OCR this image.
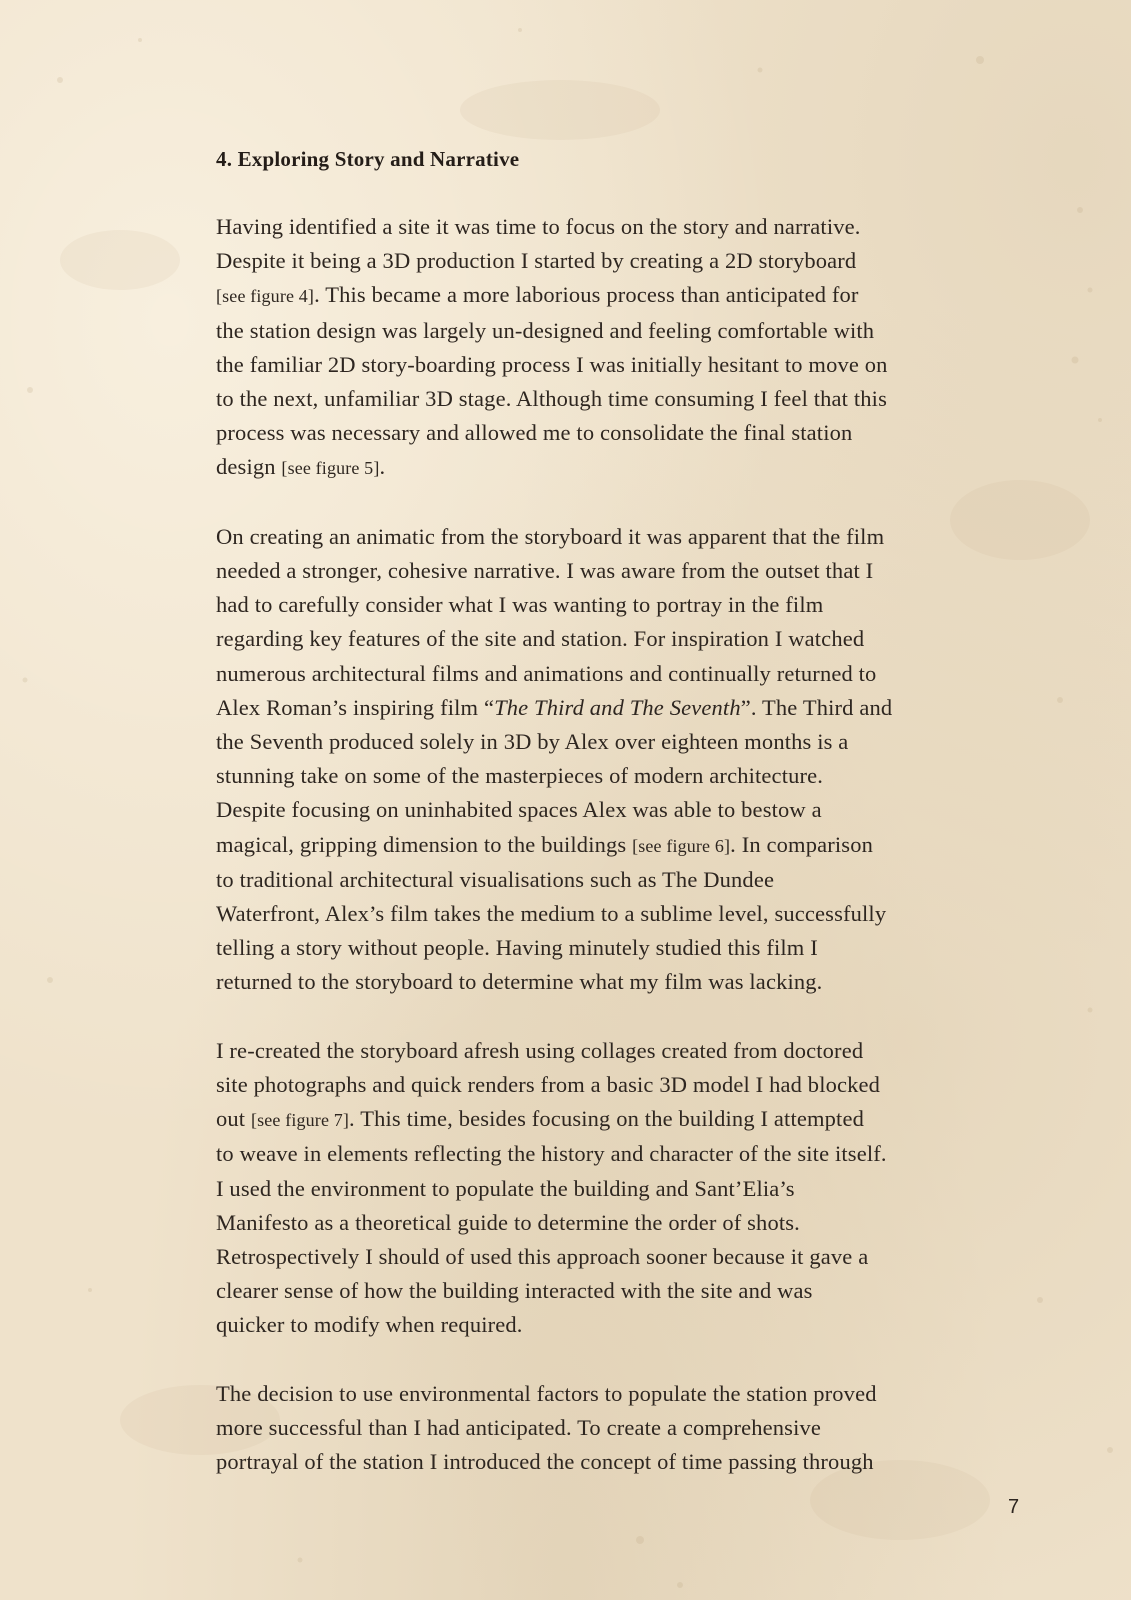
4. Exploring Story and Narrative

Having identified a site it was time to focus on the story and narrative.
Despite it being a 3D production I started by creating a 2D storyboard
[see figure 4]. This became a more laborious process than anticipated for
the station design was largely un-designed and feeling comfortable with
the familiar 2D story-boarding process I was initially hesitant to move on
to the next, unfamiliar 3D stage. Although time consuming I feel that this
process was necessary and allowed me to consolidate the final station
design [see figure 5].

On creating an animatic from the storyboard it was apparent that the film
needed a stronger, cohesive narrative. I was aware from the outset that I
had to carefully consider what I was wanting to portray in the film
regarding key features of the site and station. For inspiration I watched
numerous architectural films and animations and continually returned to
Alex Roman’s inspiring film “The Third and The Seventh”. The Third and
the Seventh produced solely in 3D by Alex over eighteen months is a
stunning take on some of the masterpieces of modern architecture.
Despite focusing on uninhabited spaces Alex was able to bestow a
magical, gripping dimension to the buildings [see figure 6]. In comparison
to traditional architectural visualisations such as The Dundee
Waterfront, Alex’s film takes the medium to a sublime level, successfully
telling a story without people. Having minutely studied this film I
returned to the storyboard to determine what my film was lacking.

I re-created the storyboard afresh using collages created from doctored
site photographs and quick renders from a basic 3D model I had blocked
out [see figure 7]. This time, besides focusing on the building I attempted
to weave in elements reflecting the history and character of the site itself.
I used the environment to populate the building and Sant’Elia’s
Manifesto as a theoretical guide to determine the order of shots.
Retrospectively I should of used this approach sooner because it gave a
clearer sense of how the building interacted with the site and was
quicker to modify when required.

The decision to use environmental factors to populate the station proved
more successful than I had anticipated. To create a comprehensive
portrayal of the station I introduced the concept of time passing through

7
